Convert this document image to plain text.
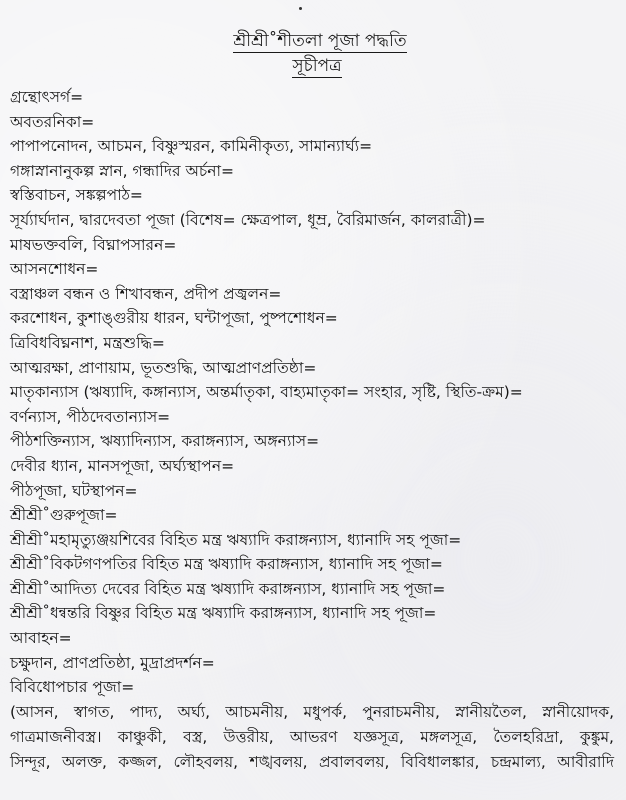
শ্রীশ্রী˚শীতলা পূজা পদ্ধতি
সূচীপত্র
গ্রন্থোৎসর্গ=
অবতরনিকা=
পাপাপনোদন, আচমন, বিষ্ণুস্মরন, কামিনীকৃত্য, সামান্যার্ঘ্য=
গঙ্গাস্নানানুকল্প স্নান, গন্ধাদির অর্চনা=
স্বস্তিবাচন, সঙ্কল্পপাঠ=
সূর্য্যার্ঘদান, দ্বারদেবতা পূজা (বিশেষ= ক্ষেত্রপাল, ধূম্র, বৈরিমার্জন, কালরাত্রী)=
মাষভক্তবলি, বিঘ্নাপসারন=
আসনশোধন=
বস্ত্রাঞ্চল বন্ধন ও শিখাবন্ধন, প্রদীপ প্রজ্বলন=
করশোধন, কুশাঙ্গুরীয় ধারন, ঘন্টাপূজা, পুষ্পশোধন=
ত্রিবিধবিঘ্ননাশ, মন্ত্রশুদ্ধি=
আত্মরক্ষা, প্রাণায়াম, ভূতশুদ্ধি, আত্মপ্রাণপ্রতিষ্ঠা=
মাতৃকান্যাস (ঋষ্যাদি, কঙ্গান্যাস, অন্তর্মাতৃকা, বাহ্যমাতৃকা= সংহার, সৃষ্টি, স্থিতি-ক্রম)=
বর্ণন্যাস, পীঠদেবতান্যাস=
পীঠশক্তিন্যাস, ঋষ্যাদিন্যাস, করাঙ্গন্যাস, অঙ্গন্যাস=
দেবীর ধ্যান, মানসপূজা, অর্ঘ্যস্থাপন=
পীঠপূজা, ঘটস্থাপন=
শ্রীশ্রী˚গুরুপূজা=
শ্রীশ্রী˚মহামৃত্যুঞ্জয়শিবের বিহিত মন্ত্র ঋষ্যাদি করাঙ্গন্যাস, ধ্যানাদি সহ পূজা=
শ্রীশ্রী˚বিকটগণপতির বিহিত মন্ত্র ঋষ্যাদি করাঙ্গন্যাস, ধ্যানাদি সহ পূজা=
শ্রীশ্রী˚আদিত্য দেবের বিহিত মন্ত্র ঋষ্যাদি করাঙ্গন্যাস, ধ্যানাদি সহ পূজা=
শ্রীশ্রী˚ধন্বন্তরি বিষ্ণুর বিহিত মন্ত্র ঋষ্যাদি করাঙ্গন্যাস, ধ্যানাদি সহ পূজা=
আবাহন=
চক্ষুদান, প্রাণপ্রতিষ্ঠা, মুদ্রাপ্রদর্শন=
বিবিধোপচার পূজা=
(আসন, স্বাগত, পাদ্য, অর্ঘ্য, আচমনীয়, মধুপর্ক, পুনরাচমনীয়, স্নানীয়তৈল, স্নানীয়োদক,
গাত্রমাজনীবস্ত্র। কাঞ্চুকী, বস্ত্র, উত্তরীয়, আভরণ যজ্ঞসূত্র, মঙ্গলসূত্র, তৈলহরিদ্রা, কুঙ্কুম,
সিন্দূর, অলক্ত, কজ্জল, লৌহবলয়, শঙ্খবলয়, প্রবালবলয়, বিবিধালঙ্কার, চন্দ্রমাল্য, আবীরাদি
